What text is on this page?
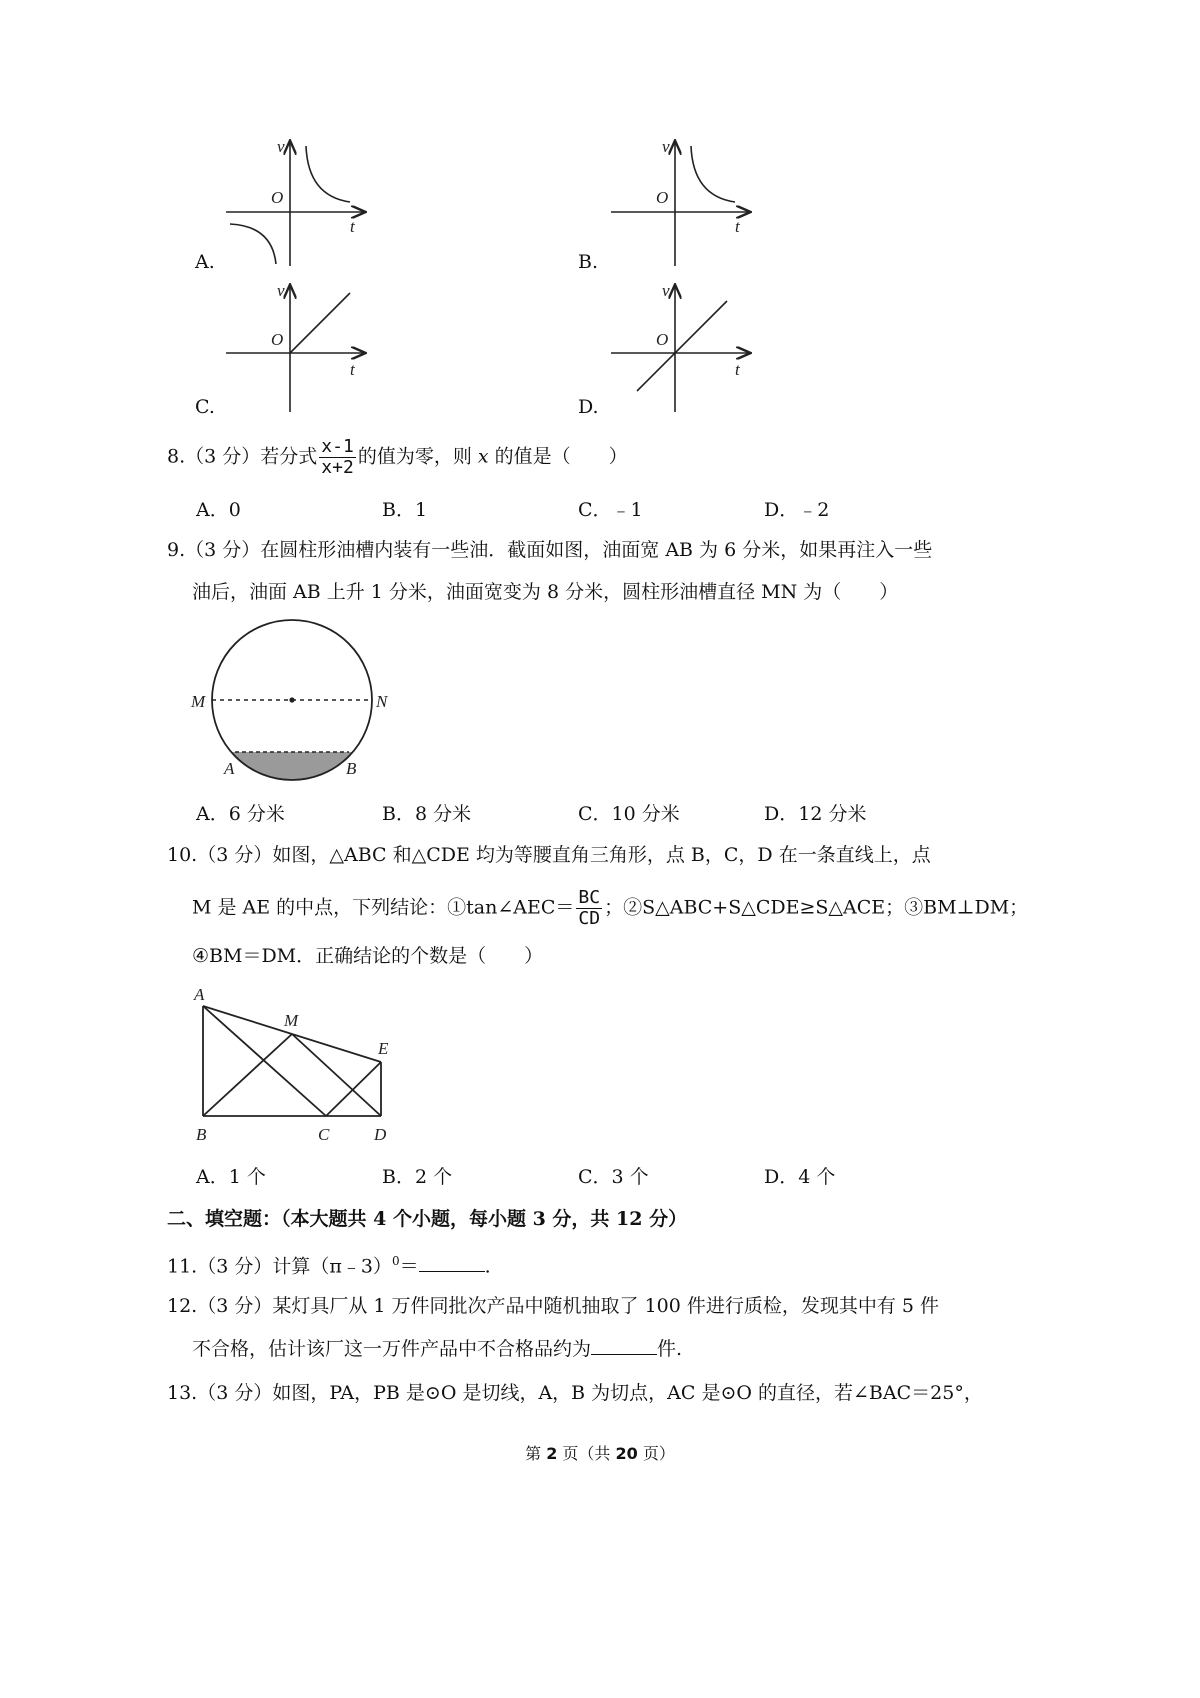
A.
v
O
t
B.
v
O
t
C.
v
O
t
D.
v
O
t
8.（3 分）若分式 $\frac{x-1}{x+2}$ 的值为零，则 x 的值是（　　）
A．0	B．1	C．﹣1	D．﹣2
9.（3 分）在圆柱形油槽内装有一些油．截面如图，油面宽 AB 为 6 分米，如果再注入一些
油后，油面 AB 上升 1 分米，油面宽变为 8 分米，圆柱形油槽直径 MN 为（　　）
M	N
A	B
A．6 分米	B．8 分米	C．10 分米	D．12 分米
10.（3 分）如图，△ABC 和△CDE 均为等腰直角三角形，点 B，C，D 在一条直线上，点
M 是 AE 的中点，下列结论：①tan∠AEC＝ $\frac{BC}{CD}$ ；②S△ABC+S△CDE≥S△ACE；③BM⊥DM；
④BM＝DM．正确结论的个数是（　　）
A
M
E
B	C	D
A．1 个	B．2 个	C．3 个	D．4 个
二、填空题：（本大题共 4 个小题，每小题 3 分，共 12 分）
11.（3 分）计算（π﹣3）$^0$＝	.
12.（3 分）某灯具厂从 1 万件同批次产品中随机抽取了 100 件进行质检，发现其中有 5 件
不合格，估计该厂这一万件产品中不合格品约为	件.
13.（3 分）如图，PA，PB 是⊙O 是切线，A，B 为切点，AC 是⊙O 的直径，若∠BAC＝25°，
第 2 页（共 20 页）
